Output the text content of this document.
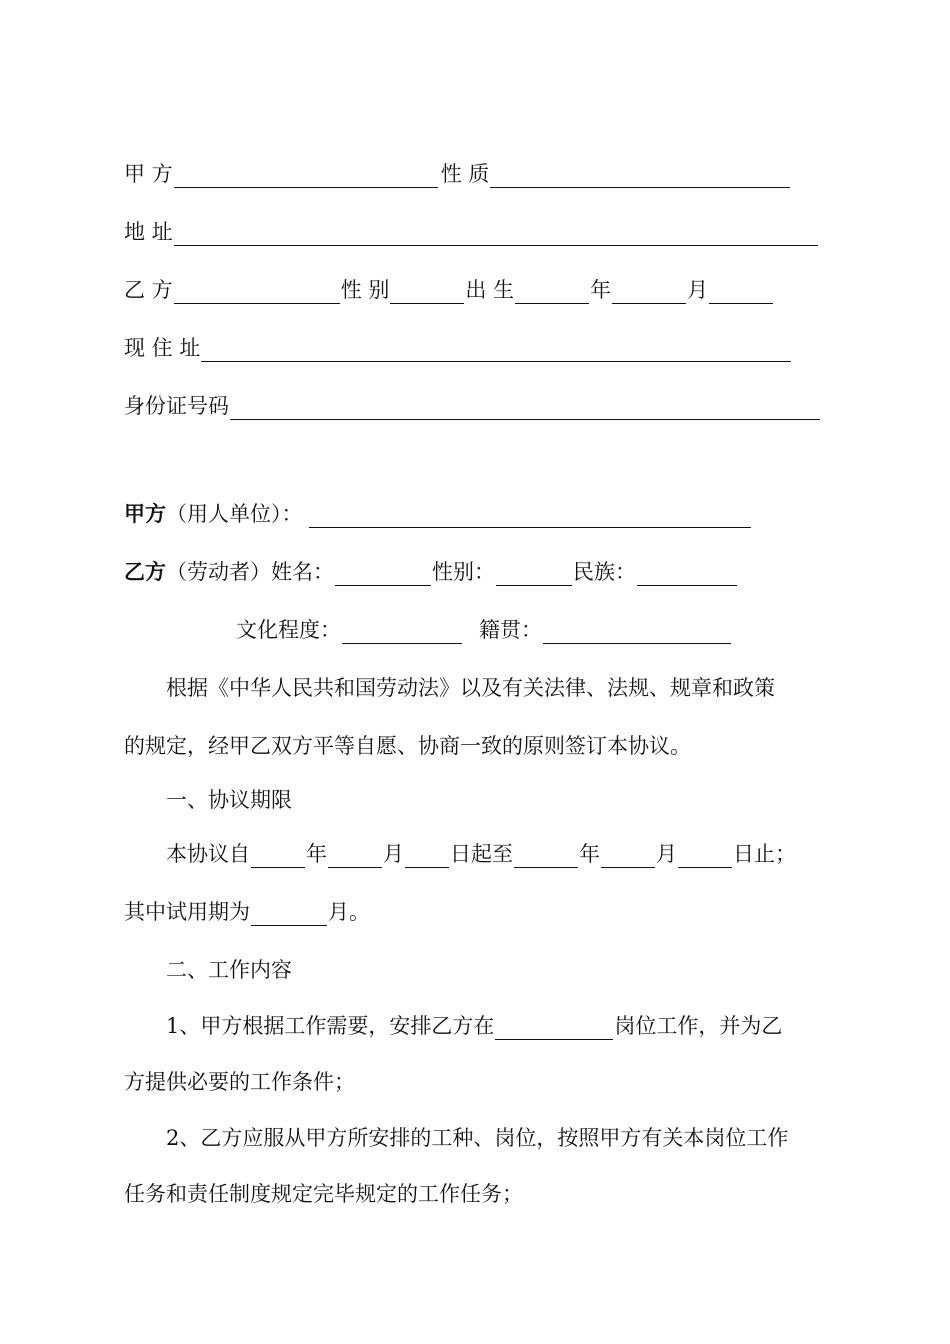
甲 方	性 质
地 址
乙 方	性 别	出 生	年	月
现 住 址
身份证号码
甲方 （用人单位）：
乙方 （劳动者）姓名：	性别：	民族：
文化程度：	籍贯：
根据《中华人民共和国劳动法》以及有关法律、法规、规章和政策
的规定，经甲乙双方平等自愿、协商一致的原则签订本协议。
一、协议期限
本协议自	年	月 日起至	年	月	日止；
其中试用期为	月。
二、工作内容
1、甲方根据工作需要，安排乙方在	岗位工作，并为乙
方提供必要的工作条件；
2、乙方应服从甲方所安排的工种、岗位，按照甲方有关本岗位工作
任务和责任制度规定完毕规定的工作任务；
